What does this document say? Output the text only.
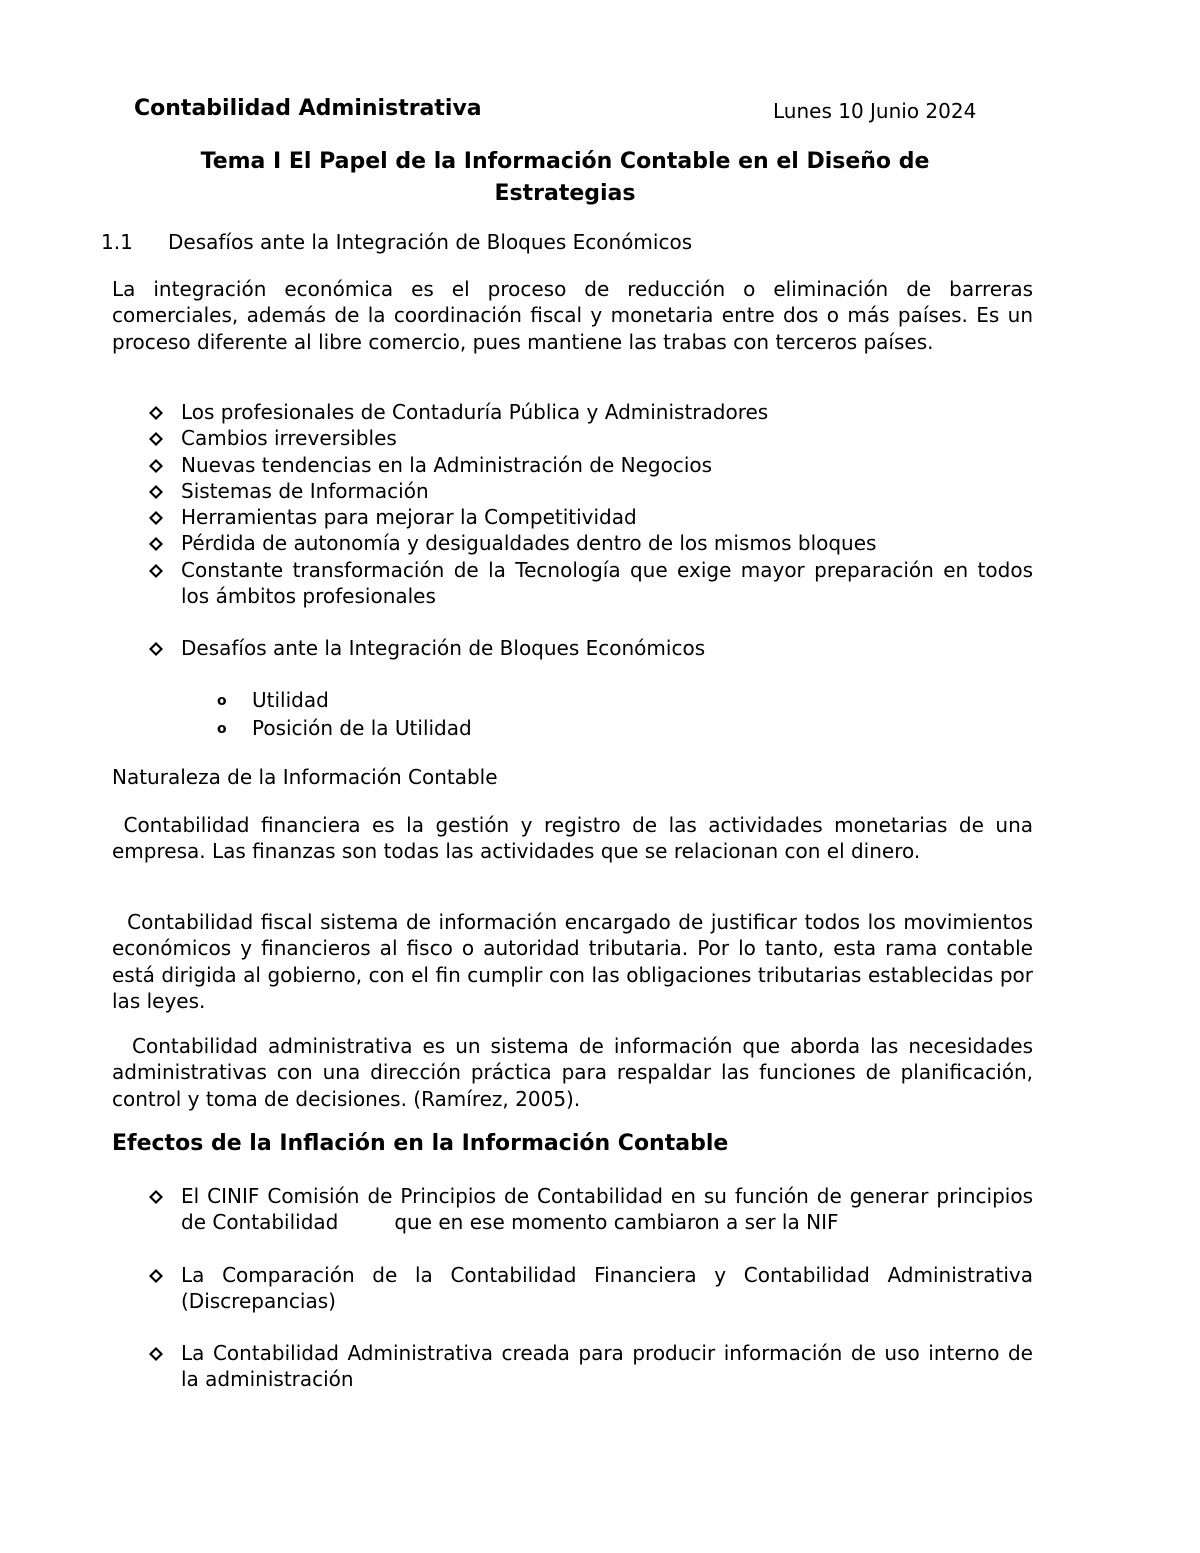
Contabilidad Administrativa	Lunes 10 Junio 2024
Tema I El Papel de la Información Contable en el Diseño de Estrategias
1.1 Desafíos ante la Integración de Bloques Económicos

La integración económica es el proceso de reducción o eliminación de barreras comerciales, además de la coordinación fiscal y monetaria entre dos o más países. Es un proceso diferente al libre comercio, pues mantiene las trabas con terceros países.

Los profesionales de Contaduría Pública y Administradores
Cambios irreversibles
Nuevas tendencias en la Administración de Negocios
Sistemas de Información
Herramientas para mejorar la Competitividad
Pérdida de autonomía y desigualdades dentro de los mismos bloques
Constante transformación de la Tecnología que exige mayor preparación en todos los ámbitos profesionales
Desafíos ante la Integración de Bloques Económicos
o Utilidad
o Posición de la Utilidad
Naturaleza de la Información Contable

Contabilidad financiera es la gestión y registro de las actividades monetarias de una empresa. Las finanzas son todas las actividades que se relacionan con el dinero.

Contabilidad fiscal sistema de información encargado de justificar todos los movimientos económicos y financieros al fisco o autoridad tributaria. Por lo tanto, esta rama contable está dirigida al gobierno, con el fin cumplir con las obligaciones tributarias establecidas por las leyes.

Contabilidad administrativa es un sistema de información que aborda las necesidades administrativas con una dirección práctica para respaldar las funciones de planificación, control y toma de decisiones. (Ramírez, 2005).

Efectos de la Inflación en la Información Contable
El CINIF Comisión de Principios de Contabilidad en su función de generar principios de Contabilidad	que en ese momento cambiaron a ser la NIF
La Comparación de la Contabilidad Financiera y Contabilidad Administrativa (Discrepancias)
La Contabilidad Administrativa creada para producir información de uso interno de la administración
